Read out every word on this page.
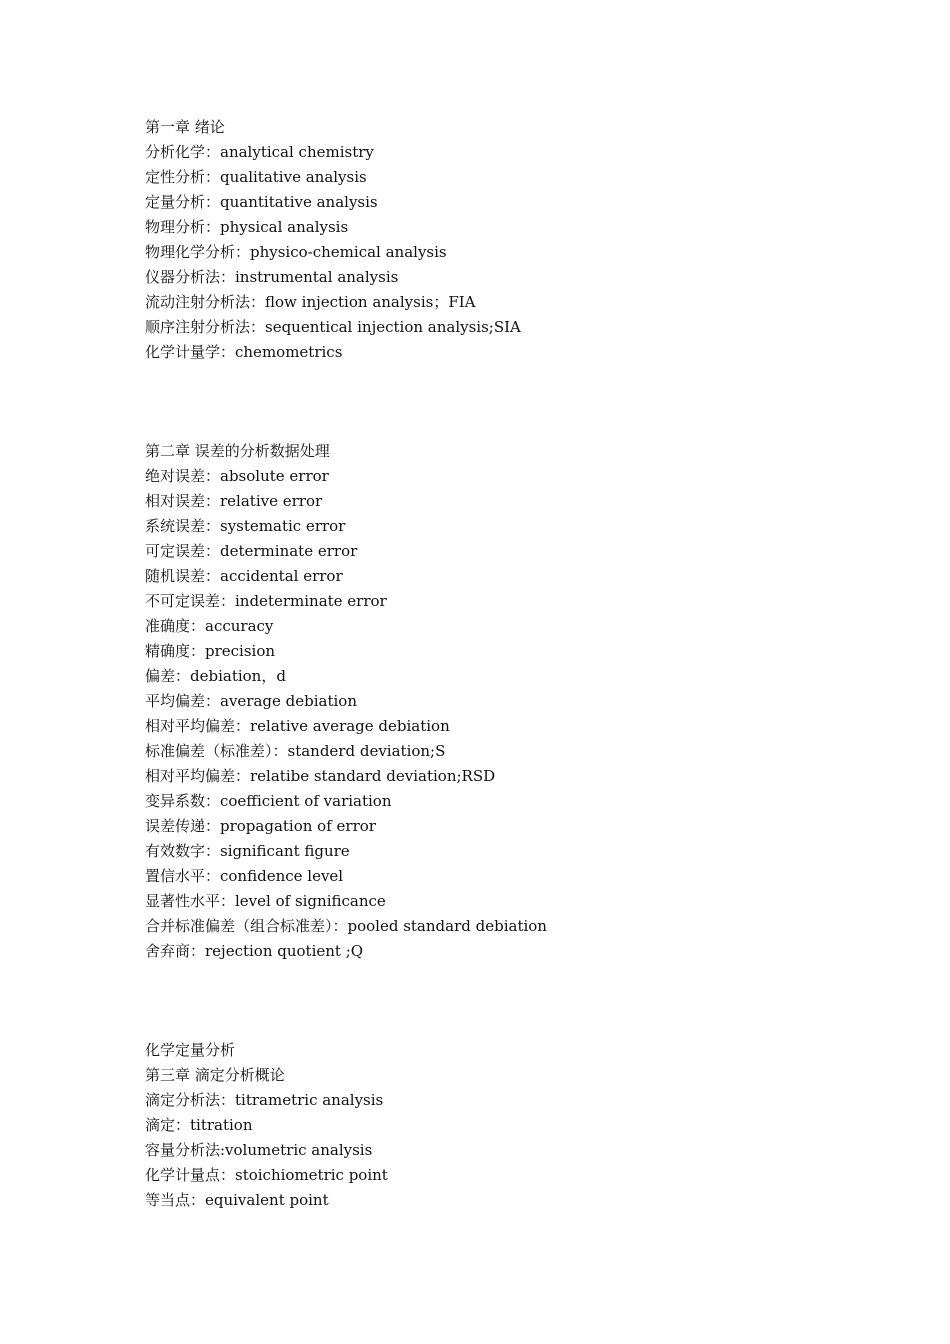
第一章 绪论
分析化学：analytical chemistry
定性分析：qualitative analysis
定量分析：quantitative analysis
物理分析：physical analysis
物理化学分析：physico-chemical analysis
仪器分析法：instrumental analysis
流动注射分析法：flow injection analysis；FIA
顺序注射分析法：sequentical injection analysis;SIA
化学计量学：chemometrics
第二章 误差的分析数据处理
绝对误差：absolute error
相对误差：relative error
系统误差：systematic error
可定误差：determinate error
随机误差：accidental error
不可定误差：indeterminate error
准确度：accuracy
精确度：precision
偏差：debiation，d
平均偏差：average debiation
相对平均偏差：relative average debiation
标准偏差（标准差）：standerd deviation;S
相对平均偏差：relatibe standard deviation;RSD
变异系数：coefficient of variation
误差传递：propagation of error
有效数字：significant figure
置信水平：confidence level
显著性水平：level of significance
合并标准偏差（组合标准差）：pooled standard debiation
舍弃商：rejection quotient ;Q
化学定量分析
第三章 滴定分析概论
滴定分析法：titrametric analysis
滴定：titration
容量分析法:volumetric analysis
化学计量点：stoichiometric point
等当点：equivalent point
